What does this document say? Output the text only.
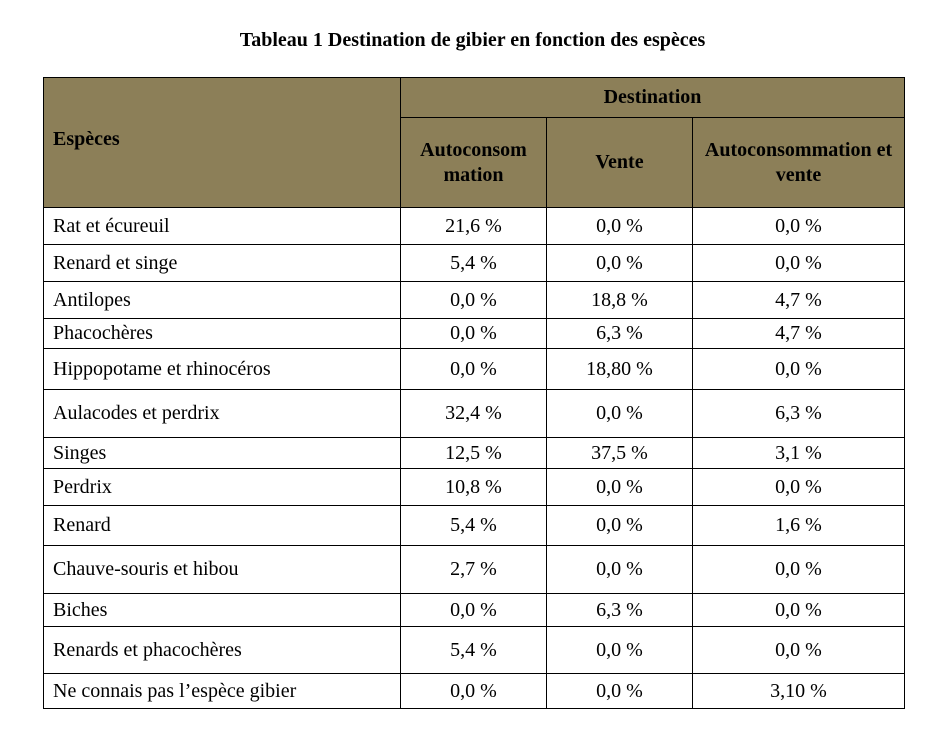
Tableau 1 Destination de gibier en fonction des espèces
Espèces	Destination		
	Autoconsom mation	Vente	Autoconsommation et vente
Rat et écureuil	21,6 %	0,0 %	0,0 %
Renard et singe	5,4 %	0,0 %	0,0 %
Antilopes	0,0 %	18,8 %	4,7 %
Phacochères	0,0 %	6,3 %	4,7 %
Hippopotame et rhinocéros	0,0 %	18,80 %	0,0 %
Aulacodes et perdrix	32,4 %	0,0 %	6,3 %
Singes	12,5 %	37,5 %	3,1 %
Perdrix	10,8 %	0,0 %	0,0 %
Renard	5,4 %	0,0 %	1,6 %
Chauve-souris et hibou	2,7 %	0,0 %	0,0 %
Biches	0,0 %	6,3 %	0,0 %
Renards et phacochères	5,4 %	0,0 %	0,0 %
Ne connais pas l’espèce gibier	0,0 %	0,0 %	3,10 %
